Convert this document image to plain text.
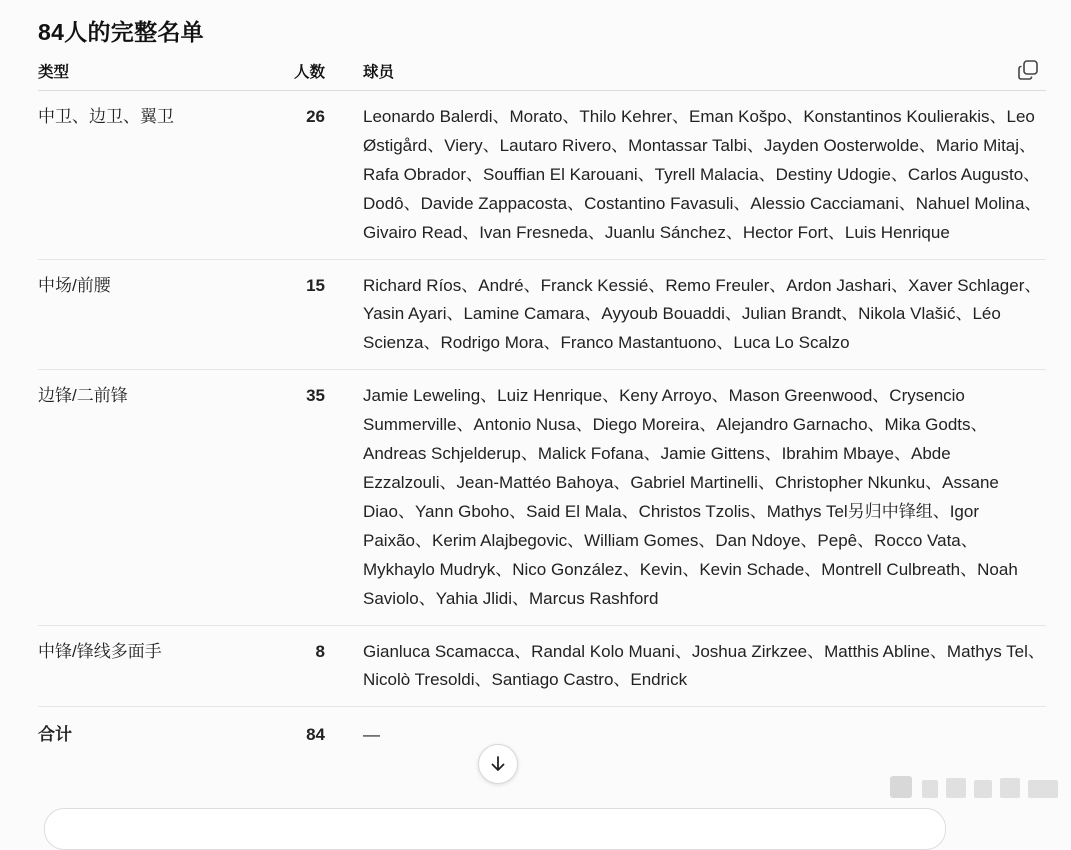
84人的完整名单
类型	人数		球员
中卫、边卫、翼卫	26		Leonardo Balerdi、Morato、Thilo Kehrer、Eman Košpo、Konstantinos Koulierakis、Leo Østigård、Viery、Lautaro Rivero、Montassar Talbi、Jayden Oosterwolde、Mario Mitaj、Rafa Obrador、Souffian El Karouani、Tyrell Malacia、Destiny Udogie、Carlos Augusto、Dodô、Davide Zappacosta、Costantino Favasuli、Alessio Cacciamani、Nahuel Molina、Givairo Read、Ivan Fresneda、Juanlu Sánchez、Hector Fort、Luis Henrique
中场/前腰	15		Richard Ríos、André、Franck Kessié、Remo Freuler、Ardon Jashari、Xaver Schlager、Yasin Ayari、Lamine Camara、Ayyoub Bouaddi、Julian Brandt、Nikola Vlašić、Léo Scienza、Rodrigo Mora、Franco Mastantuono、Luca Lo Scalzo
边锋/二前锋	35		Jamie Leweling、Luiz Henrique、Keny Arroyo、Mason Greenwood、Crysencio Summerville、Antonio Nusa、Diego Moreira、Alejandro Garnacho、Mika Godts、Andreas Schjelderup、Malick Fofana、Jamie Gittens、Ibrahim Mbaye、Abde Ezzalzouli、Jean-Mattéo Bahoya、Gabriel Martinelli、Christopher Nkunku、Assane Diao、Yann Gboho、Said El Mala、Christos Tzolis、Mathys Tel另归中锋组、Igor Paixão、Kerim Alajbegovic、William Gomes、Dan Ndoye、Pepê、Rocco Vata、Mykhaylo Mudryk、Nico González、Kevin、Kevin Schade、Montrell Culbreath、Noah Saviolo、Yahia Jlidi、Marcus Rashford
中锋/锋线多面手	8		Gianluca Scamacca、Randal Kolo Muani、Joshua Zirkzee、Matthis Abline、Mathys Tel、Nicolò Tresoldi、Santiago Castro、Endrick
合计	84		—
